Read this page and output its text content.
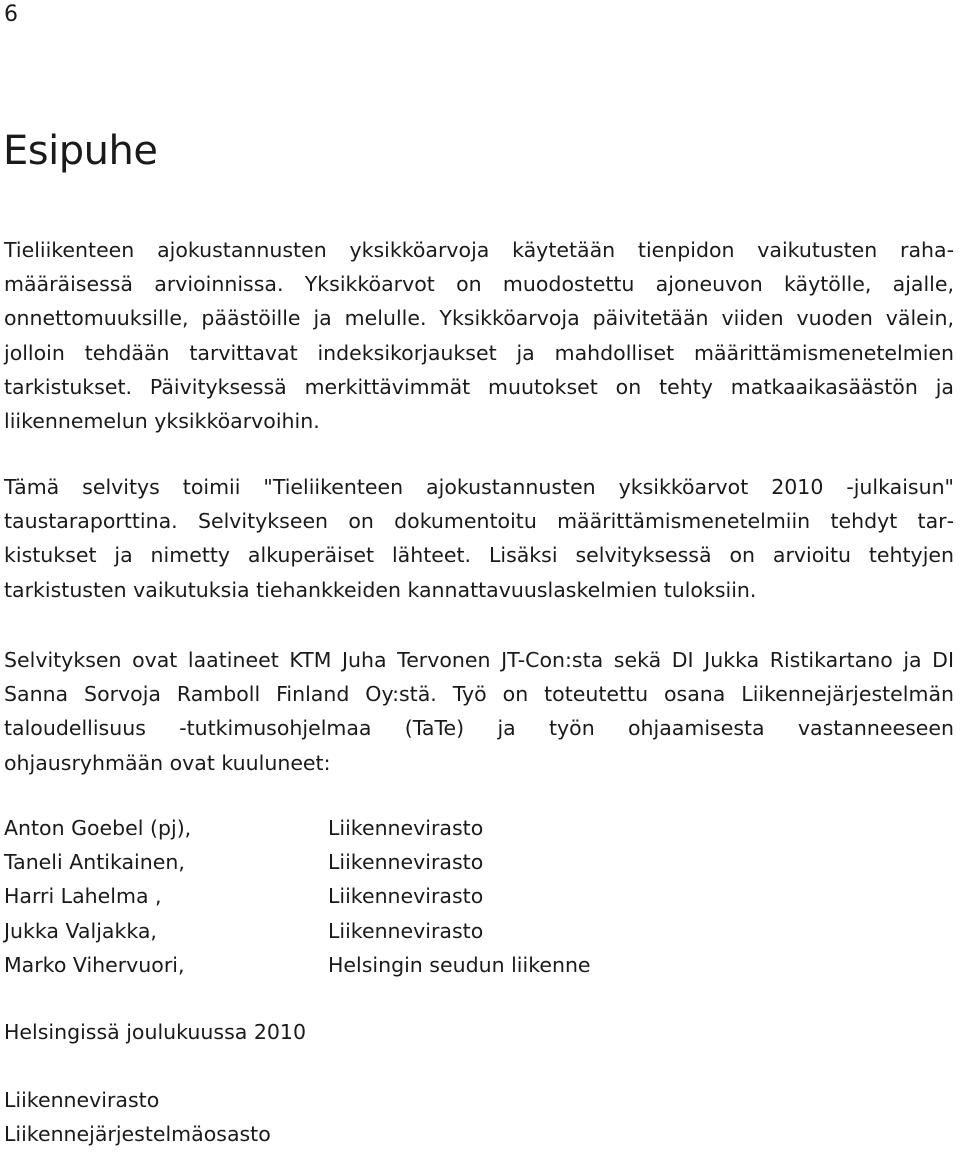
6
Esipuhe

Tieliikenteen ajokustannusten yksikköarvoja käytetään tienpidon vaikutusten rahamääräisessä arvioinnissa. Yksikköarvot on muodostettu ajoneuvon käytölle, ajalle, onnettomuuksille, päästöille ja melulle. Yksikköarvoja päivitetään viiden vuoden välein, jolloin tehdään tarvittavat indeksikorjaukset ja mahdolliset määrittämismenetelmien tarkistukset. Päivityksessä merkittävimmät muutokset on tehty matkaaikasäästön ja liikennemelun yksikköarvoihin.

Tämä selvitys toimii "Tieliikenteen ajokustannusten yksikköarvot 2010 -julkaisun" taustaraporttina. Selvitykseen on dokumentoitu määrittämismenetelmiin tehdyt tarkistukset ja nimetty alkuperäiset lähteet. Lisäksi selvityksessä on arvioitu tehtyjen tarkistusten vaikutuksia tiehankkeiden kannattavuuslaskelmien tuloksiin.

Selvityksen ovat laatineet KTM Juha Tervonen JT-Con:sta sekä DI Jukka Ristikartano ja DI Sanna Sorvoja Ramboll Finland Oy:stä. Työ on toteutettu osana Liikennejärjestelmän taloudellisuus -tutkimusohjelmaa (TaTe) ja työn ohjaamisesta vastanneeseen ohjausryhmään ovat kuuluneet:

Anton Goebel (pj),	Liikennevirasto
Taneli Antikainen,	Liikennevirasto
Harri Lahelma ,	Liikennevirasto
Jukka Valjakka,	Liikennevirasto
Marko Vihervuori,	Helsingin seudun liikenne

Helsingissä joulukuussa 2010

Liikennevirasto

Liikennejärjestelmäosasto
